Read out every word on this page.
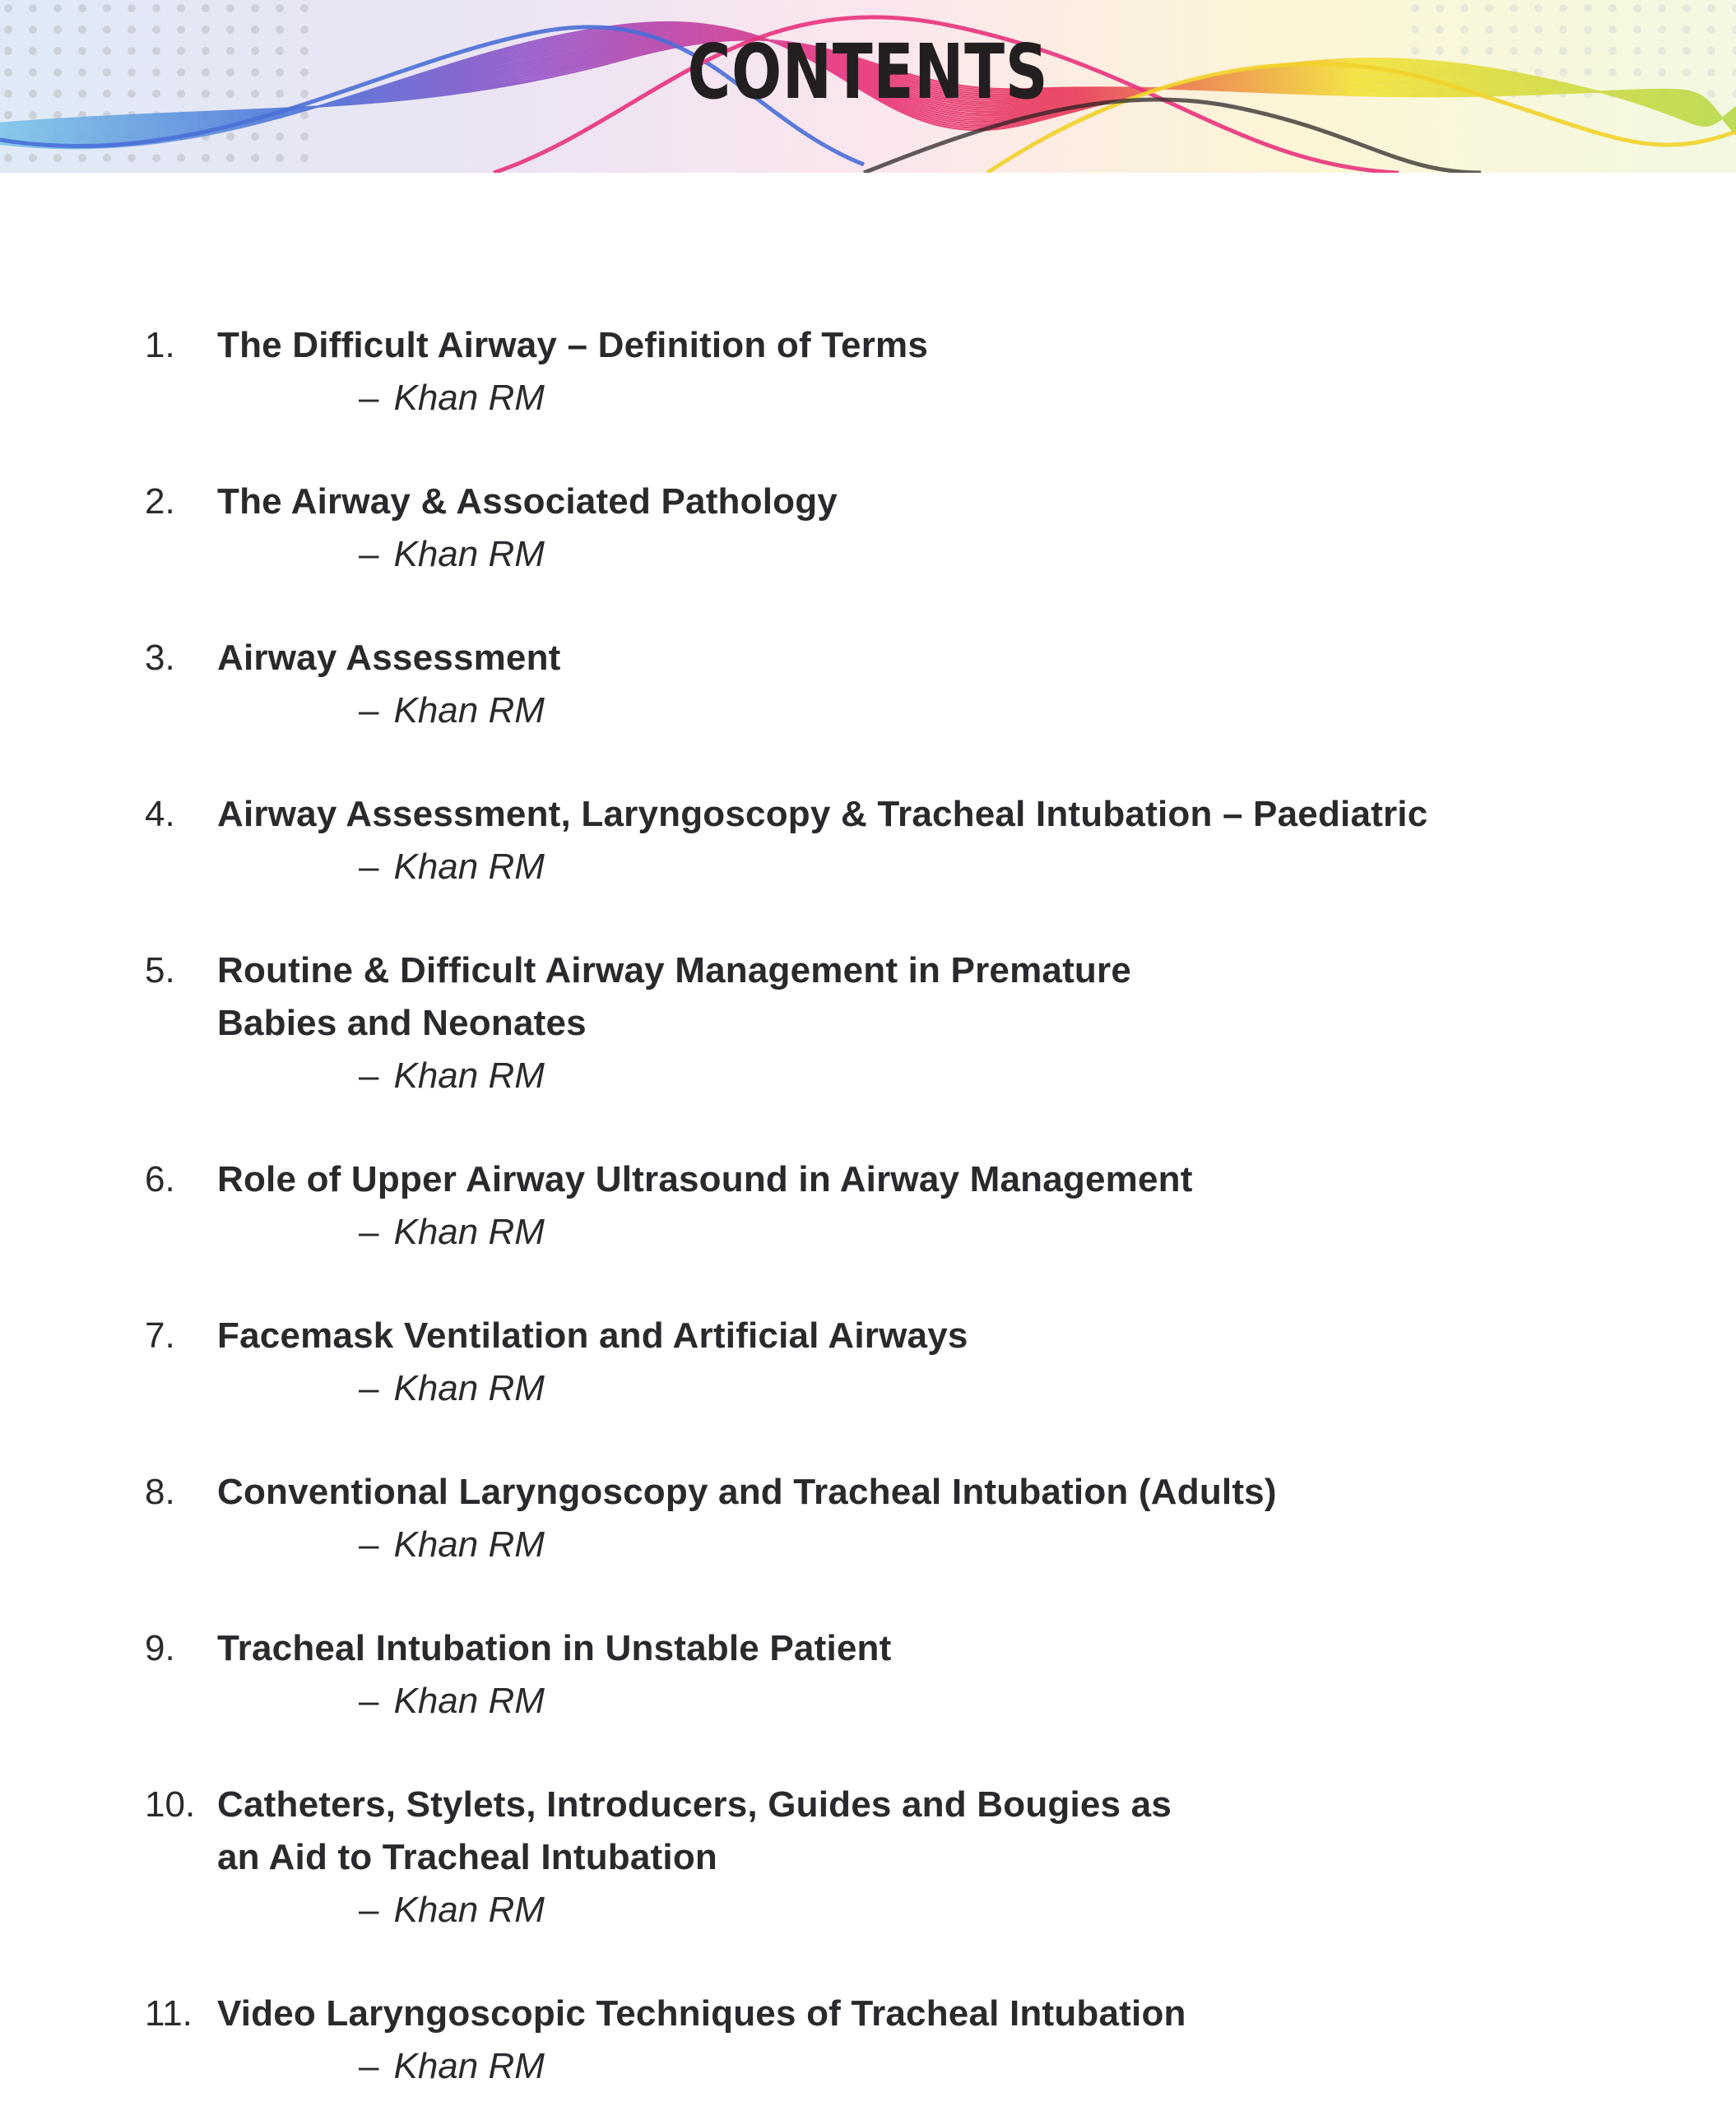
CONTENTS
1. The Difficult Airway – Definition of Terms
– Khan RM
2. The Airway & Associated Pathology
– Khan RM
3. Airway Assessment
– Khan RM
4. Airway Assessment, Laryngoscopy & Tracheal Intubation – Paediatric
– Khan RM
5. Routine & Difficult Airway Management in Premature
Babies and Neonates
– Khan RM
6. Role of Upper Airway Ultrasound in Airway Management
– Khan RM
7. Facemask Ventilation and Artificial Airways
– Khan RM
8. Conventional Laryngoscopy and Tracheal Intubation (Adults)
– Khan RM
9. Tracheal Intubation in Unstable Patient
– Khan RM
10. Catheters, Stylets, Introducers, Guides and Bougies as
an Aid to Tracheal Intubation
– Khan RM
11. Video Laryngoscopic Techniques of Tracheal Intubation
– Khan RM
